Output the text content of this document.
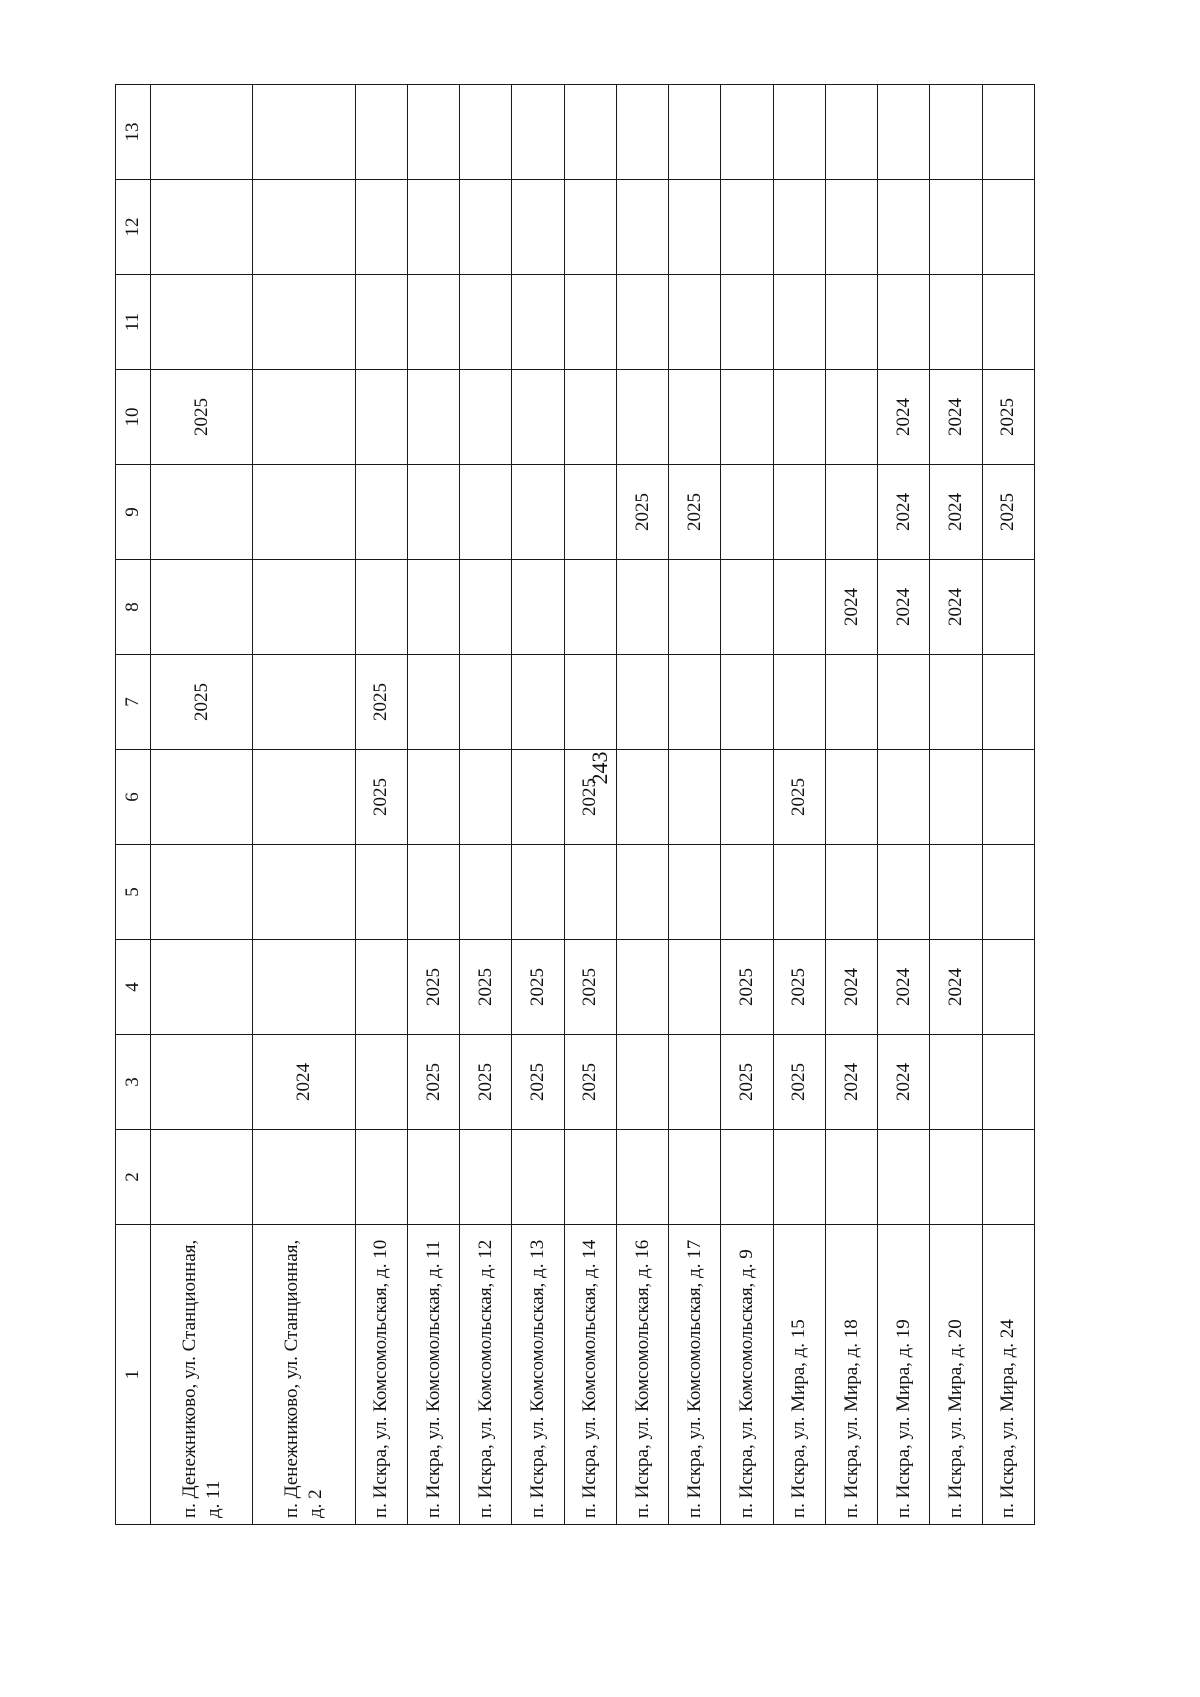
243
1	2	3	4	5	6	7	8	9	10	11	12	13
п. Денежниково, ул. Станционная, д. 11						2025			2025			
п. Денежниково, ул. Станционная, д. 2		2024										
п. Искра, ул. Комсомольская, д. 10					2025	2025						
п. Искра, ул. Комсомольская, д. 11		2025	2025									
п. Искра, ул. Комсомольская, д. 12		2025	2025									
п. Искра, ул. Комсомольская, д. 13		2025	2025									
п. Искра, ул. Комсомольская, д. 14		2025	2025		2025							
п. Искра, ул. Комсомольская, д. 16								2025				
п. Искра, ул. Комсомольская, д. 17								2025				
п. Искра, ул. Комсомольская, д. 9		2025	2025									
п. Искра, ул. Мира, д. 15		2025	2025		2025							
п. Искра, ул. Мира, д. 18		2024	2024				2024					
п. Искра, ул. Мира, д. 19		2024	2024				2024	2024	2024			
п. Искра, ул. Мира, д. 20			2024				2024	2024	2024			
п. Искра, ул. Мира, д. 24								2025	2025			
